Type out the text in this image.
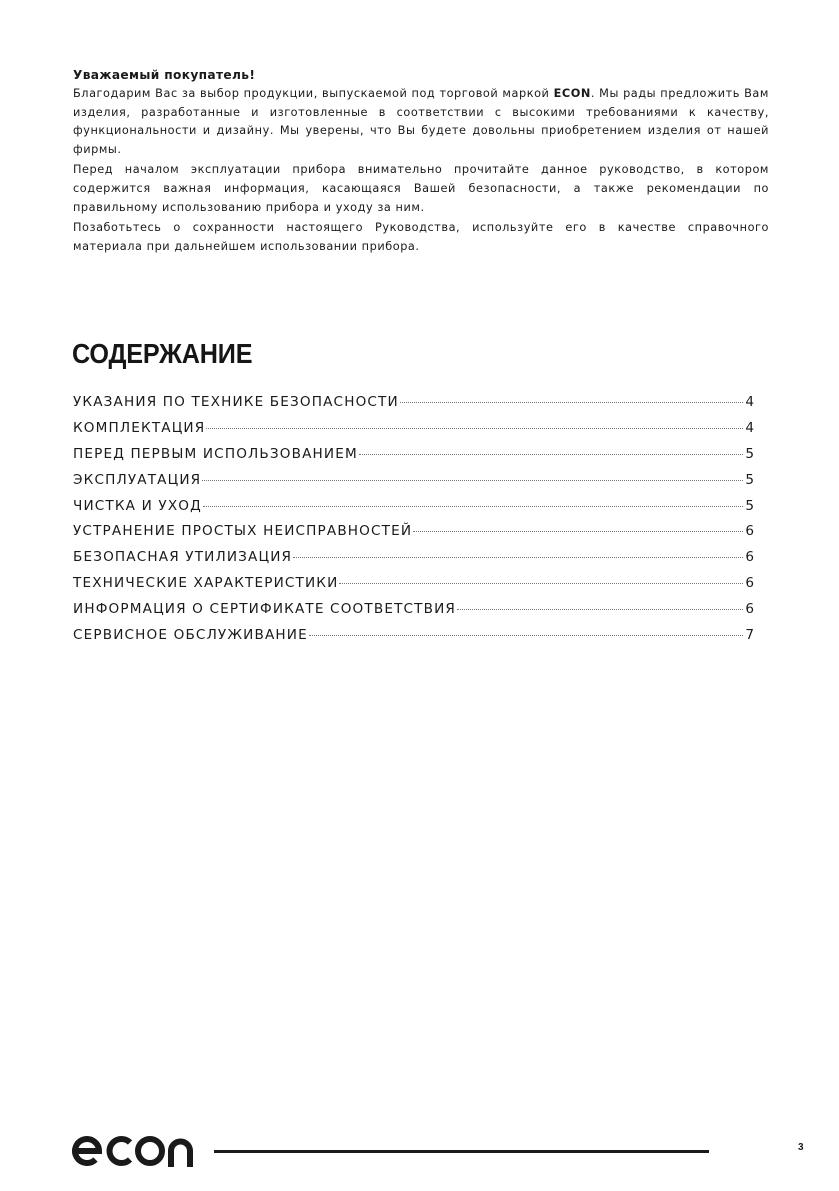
Уважаемый покупатель!

Благодарим Вас за выбор продукции, выпускаемой под торговой маркой ECON. Мы рады предложить Вам изделия, разработанные и изготовленные в соответствии с высокими требованиями к качеству, функциональности и дизайну. Мы уверены, что Вы будете довольны приобретением изделия от нашей фирмы.

Перед началом эксплуатации прибора внимательно прочитайте данное руководство, в котором содержится важная информация, касающаяся Вашей безопасности, а также рекомендации по правильному использованию прибора и уходу за ним.

Позаботьтесь о сохранности настоящего Руководства, используйте его в качестве справочного материала при дальнейшем использовании прибора.

СОДЕРЖАНИЕ
УКАЗАНИЯ ПО ТЕХНИКЕ БЕЗОПАСНОСТИ	4
КОМПЛЕКТАЦИЯ	4
ПЕРЕД ПЕРВЫМ ИСПОЛЬЗОВАНИЕМ	5
ЭКСПЛУАТАЦИЯ	5
ЧИСТКА И УХОД	5
УСТРАНЕНИЕ ПРОСТЫХ НЕИСПРАВНОСТЕЙ	6
БЕЗОПАСНАЯ УТИЛИЗАЦИЯ	6
ТЕХНИЧЕСКИЕ ХАРАКТЕРИСТИКИ	6
ИНФОРМАЦИЯ О СЕРТИФИКАТЕ СООТВЕТСТВИЯ	6
СЕРВИСНОЕ ОБСЛУЖИВАНИЕ	7
3
